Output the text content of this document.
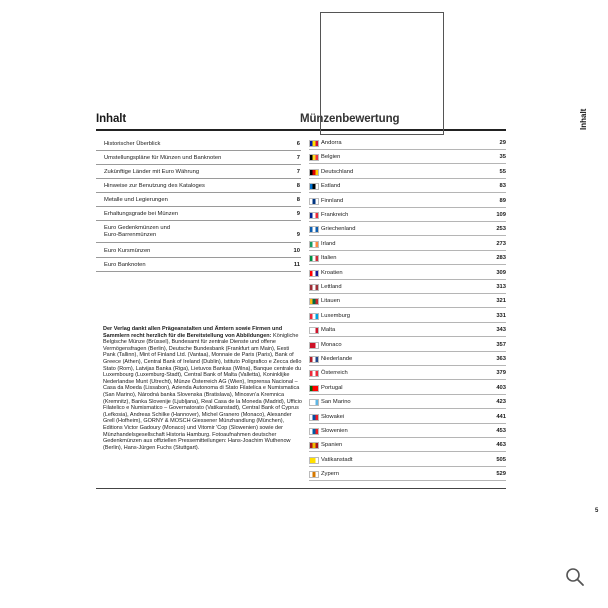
Inhalt
Historischer Überblick	6
Umstellungspläne für Münzen und Banknoten	7
Zukünftige Länder mit Euro Währung	7
Hinweise zur Benutzung des Kataloges	8
Metalle und Legierungen	8
Erhaltungsgrade bei Münzen	9
Euro Gedenkmünzen und
Euro-Barrenmünzen	9
Euro Kursmünzen	10
Euro Banknoten	11
Der Verlag dankt allen Prägeanstalten und Ämtern sowie Firmen und Sammlern recht herzlich für die Bereitstellung von Abbildungen: Königliche Belgische Münze (Brüssel), Bundesamt für zentrale Dienste und offene Vermögensfragen (Berlin), Deutsche Bundesbank (Frankfurt am Main), Eesti Pank (Tallinn), Mint of Finland Ltd. (Vantaa), Monnaie de Paris (Paris), Bank of Greece (Athen), Central Bank of Ireland (Dublin), Istituto Poligrafico e Zecca dello Stato (Rom), Latvijas Banka (Riga), Lietuvos Bankas (Wilna), Banque centrale du Luxembourg (Luxemburg-Stadt), Central Bank of Malta (Valletta), Koninklijke Nederlandse Munt (Utrecht), Münze Österreich AG (Wien), Imprensa Nacional – Casa da Moeda (Lissabon), Azienda Autonoma di Stato Filatelica e Numismatica (San Marino), Národná banka Slovenska (Bratislava), Minosvn'a Kremnica (Kremnitz), Banka Slovenije (Ljubljana), Real Casa de la Moneda (Madrid), Ufficio Filatelico e Numismatico – Governatorato (Vatikanstadt), Central Bank of Cyprus (Lefkosia), Andreas Schilke (Hannover), Michel Granero (Monaco), Alexander Grell (Hofheim), GORNY & MOSCH Giessener Münzhandlung (München), Editions Victor Gadoury (Monaco) und Vitomir 'Cop (Slowenien) sowie der Münzhandelsgesellschaft Historia Hamburg. Fotoaufnahmen deutscher Gedenkmünzen aus offiziellen Pressemitteilungen: Hans-Joachim Wuthenow (Berlin), Hans-Jürgen Fuchs (Stuttgart).
Münzenbewertung
Andorra	29
Belgien	35
Deutschland	55
Estland	83
Finnland	89
Frankreich	109
Griechenland	253
Irland	273
Italien	283
Kroatien	309
Lettland	313
Litauen	321
Luxemburg	331
Malta	343
Monaco	357
Niederlande	363
Österreich	379
Portugal	403
San Marino	423
Slowakei	441
Slowenien	453
Spanien	463
Vatikanstadt	505
Zypern	529
Inhalt
5
